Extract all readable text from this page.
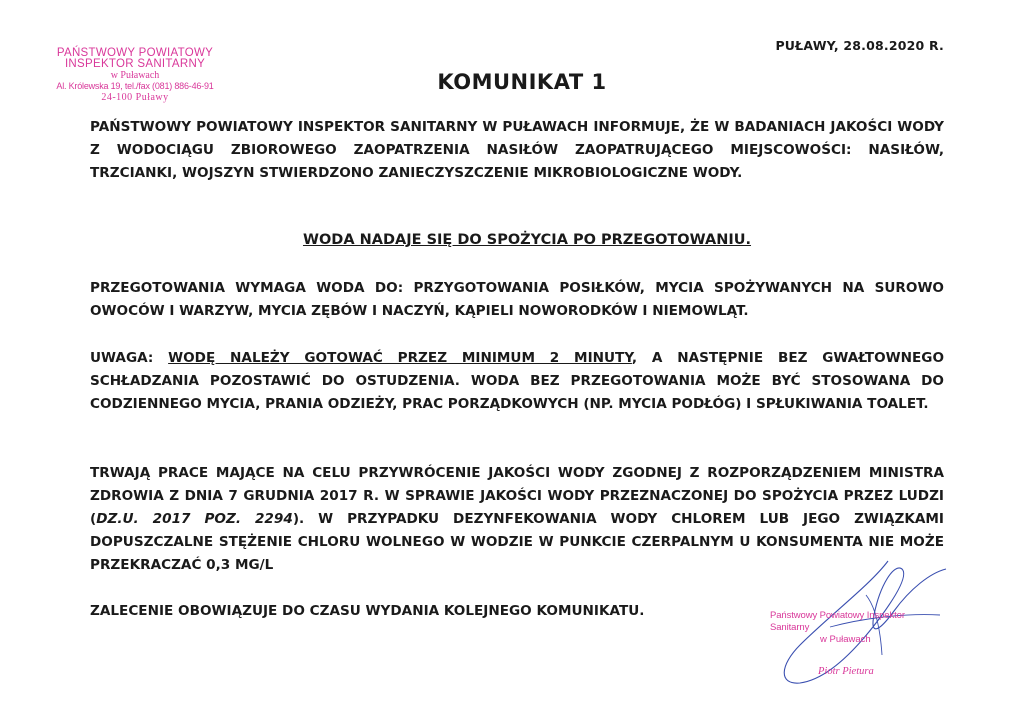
PAŃSTWOWY POWIATOWY
INSPEKTOR SANITARNY
w Puławach
Al. Królewska 19, tel./fax (081) 886-46-91
24-100 Puławy
PUŁAWY, 28.08.2020 R.
KOMUNIKAT 1

PAŃSTWOWY POWIATOWY INSPEKTOR SANITARNY W PUŁAWACH INFORMUJE, ŻE W BADANIACH JAKOŚCI WODY Z WODOCIĄGU ZBIOROWEGO ZAOPATRZENIA NASIŁÓW ZAOPATRUJĄCEGO MIEJSCOWOŚCI: NASIŁÓW, TRZCIANKI, WOJSZYN STWIERDZONO ZANIECZYSZCZENIE MIKROBIOLOGICZNE WODY.

WODA NADAJE SIĘ DO SPOŻYCIA PO PRZEGOTOWANIU.

PRZEGOTOWANIA WYMAGA WODA DO: PRZYGOTOWANIA POSIŁKÓW, MYCIA SPOŻYWANYCH NA SUROWO OWOCÓW I WARZYW, MYCIA ZĘBÓW I NACZYŃ, KĄPIELI NOWORODKÓW I NIEMOWLĄT.

UWAGA: WODĘ NALEŻY GOTOWAĆ PRZEZ MINIMUM 2 MINUTY, A NASTĘPNIE BEZ GWAŁTOWNEGO SCHŁADZANIA POZOSTAWIĆ DO OSTUDZENIA. WODA BEZ PRZEGOTOWANIA MOŻE BYĆ STOSOWANA DO CODZIENNEGO MYCIA, PRANIA ODZIEŻY, PRAC PORZĄDKOWYCH (NP. MYCIA PODŁÓG) I SPŁUKIWANIA TOALET.

TRWAJĄ PRACE MAJĄCE NA CELU PRZYWRÓCENIE JAKOŚCI WODY ZGODNEJ Z ROZPORZĄDZENIEM MINISTRA ZDROWIA Z DNIA 7 GRUDNIA 2017 R. W SPRAWIE JAKOŚCI WODY PRZEZNACZONEJ DO SPOŻYCIA PRZEZ LUDZI (DZ.U. 2017 POZ. 2294). W PRZYPADKU DEZYNFEKOWANIA WODY CHLOREM LUB JEGO ZWIĄZKAMI DOPUSZCZALNE STĘŻENIE CHLORU WOLNEGO W WODZIE W PUNKCIE CZERPALNYM U KONSUMENTA NIE MOŻE PRZEKRACZAĆ 0,3 MG/L

ZALECENIE OBOWIĄZUJE DO CZASU WYDANIA KOLEJNEGO KOMUNIKATU.	Państwowy Powiatowy Inspektor Sanitarny
w Puławach
Piotr Pietura
